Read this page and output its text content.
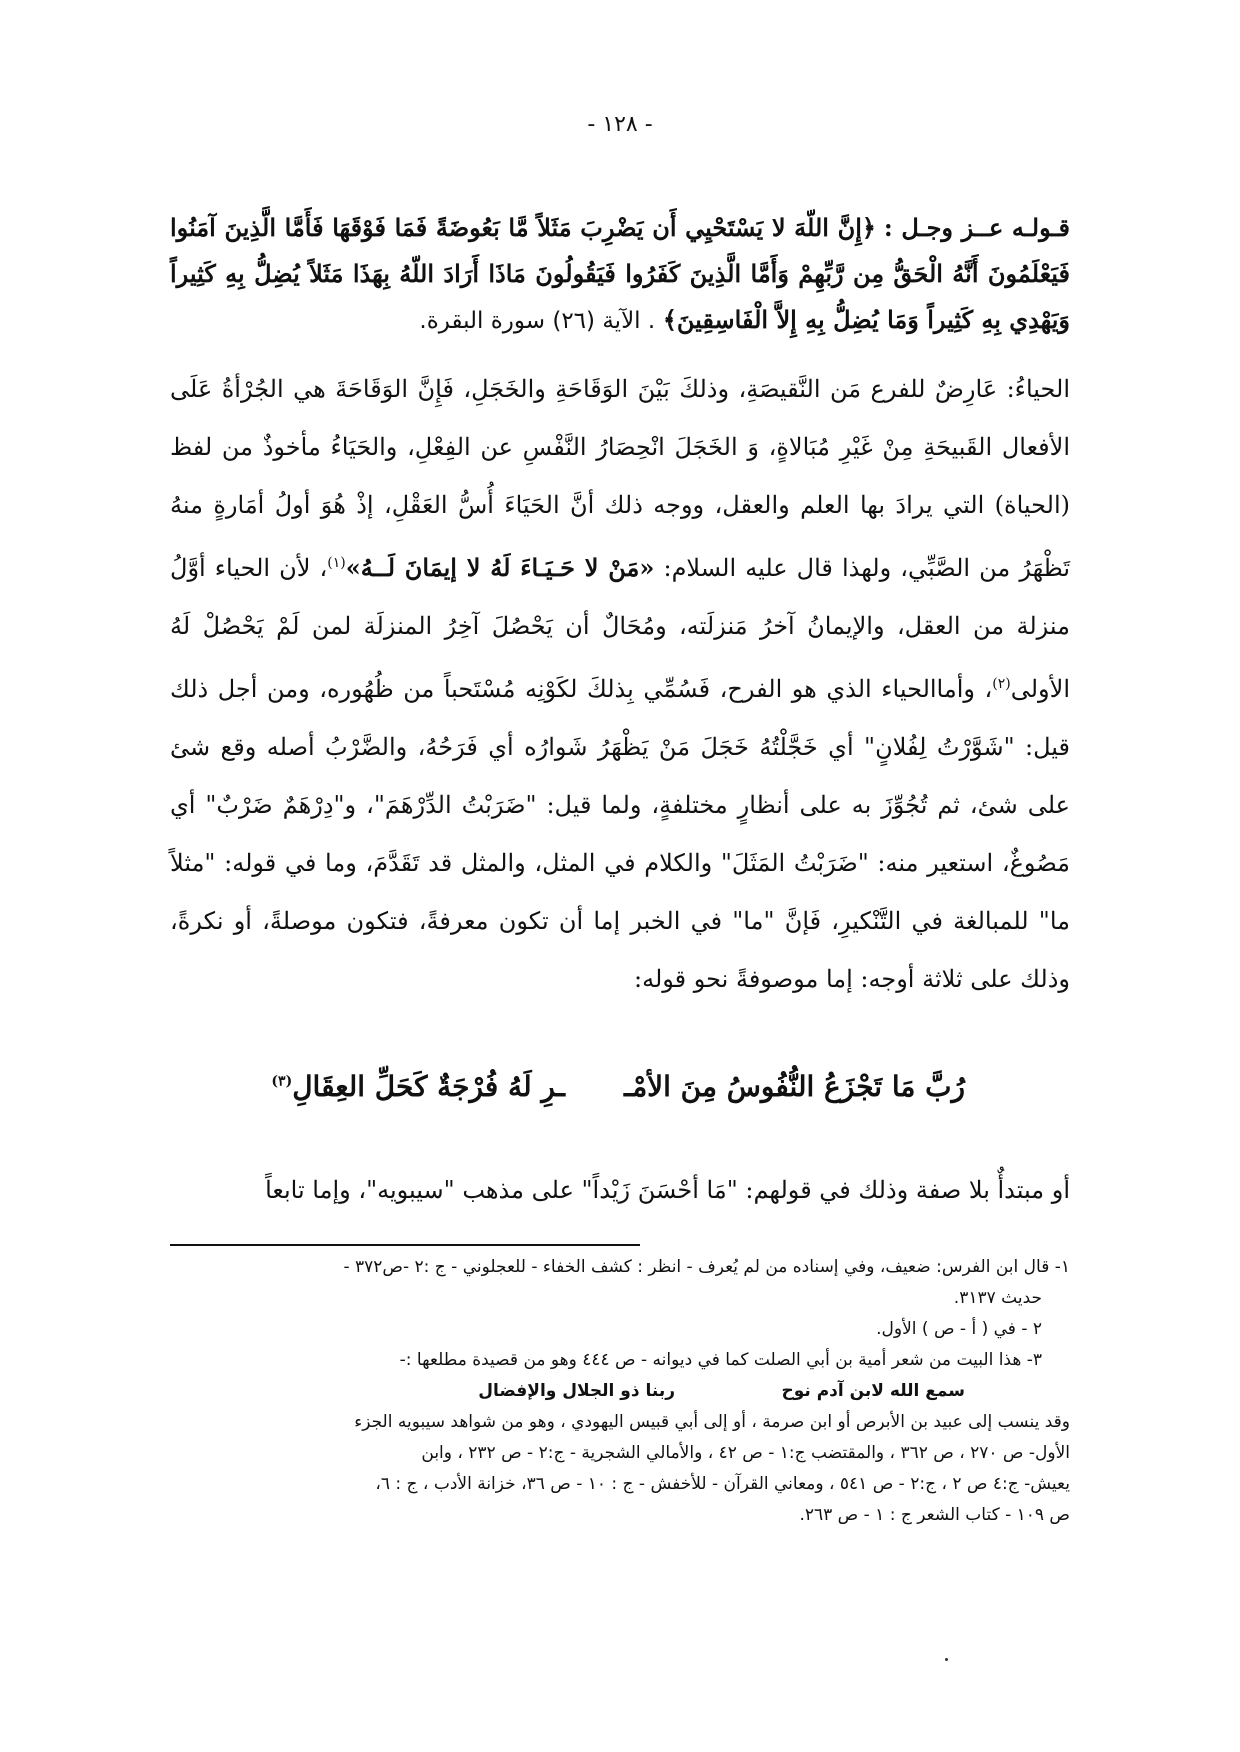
- ١٢٨ -
قـولـه عــز وجـل : ﴿إِنَّ اللّهَ لا يَسْتَحْيِي أَن يَضْرِبَ مَثَلاً مَّا بَعُوضَةً فَمَا فَوْقَهَا فَأَمَّا الَّذِينَ آمَنُوا فَيَعْلَمُونَ أَنَّهُ الْحَقُّ مِن رَّبِّهِمْ وَأَمَّا الَّذِينَ كَفَرُوا فَيَقُولُونَ مَاذَا أَرَادَ اللّهُ بِهَذَا مَثَلاً يُضِلُّ بِهِ كَثِيراً وَيَهْدِي بِهِ كَثِيراً وَمَا يُضِلُّ بِهِ إِلاَّ الْفَاسِقِينَ﴾ . الآية (٢٦) سورة البقرة.
الحياءُ: عَارِضٌ للفرع مَن النَّقيصَةِ، وذلكَ بَيْنَ الوَقَاحَةِ والخَجَلِ، فَإِنَّ الوَقَاحَةَ هي الجُرْأةُ عَلَى الأفعال القَبيحَةِ مِنْ غَيْرِ مُبَالاةٍ، وَ الخَجَلَ انْحِصَارُ النَّفْسِ عن الفِعْلِ، والحَيَاءُ مأخوذٌ من لفظ (الحياة) التي يرادَ بها العلم والعقل، ووجه ذلك أنَّ الحَيَاءَ أُسُّ العَقْلِ، إذْ هُوَ أولُ أمَارةٍ منهُ تَظْهَرُ من الصَّبِّي، ولهذا قال عليه السلام: «مَنْ لا حَـيَـاءَ لَهُ لا إيمَانَ لَــهُ»$^{(١)}$، لأن الحياء أوَّلُ منزلة من العقل، والإيمانُ آخرُ مَنزلَته، ومُحَالٌ أن يَحْصُلَ آخِرُ المنزلَة لمن لَمْ يَحْصُلْ لَهُ الأولى$^{(٢)}$، وأماالحياء الذي هو الفرح، فَسُمِّي بِذلكَ لكَوْنِه مُسْتَحباً من ظُهُوره، ومن أجل ذلك قيل: "شَوَّرْتُ لِفُلانٍ" أي خَجَّلْتُهُ خَجَلَ مَنْ يَظْهَرُ شَوارُه أي فَرَحُهُ، والضَّرْبُ أصله وقع شئ على شئ، ثم تُجُوِّزَ به على أنظارٍ مختلفةٍ، ولما قيل: "ضَرَبْتُ الدِّرْهَمَ"، و"دِرْهَمٌ ضَرْبٌ" أي مَصُوغٌ، استعير منه: "ضَرَبْتُ المَثَلَ" والكلام في المثل، والمثل قد تَقَدَّمَ، وما في قوله: "مثلاً ما" للمبالغة في التَّنْكيرِ، فَإنَّ "ما" في الخبر إما أن تكون معرفةً، فتكون موصلةً، أو نكرةً، وذلك على ثلاثة أوجه: إما موصوفةً نحو قوله:
رُبَّ مَا تَجْزَعُ النُّفُوسُ مِنَ الأمْـ
ـرِ لَهُ فُرْجَةٌ كَحَلِّ العِقَالِ$^{(٣)}$
أو مبتدأٌ بلا صفة وذلك في قولهم: "مَا أحْسَنَ زَيْداً" على مذهب "سيبويه"، وإما تابعاً

١- قال ابن الفرس: ضعيف، وفي إسناده من لم يُعرف - انظر : كشف الخفاء - للعجلوني - ج :٢ -ص٣٧٢ -

حديث ٣١٣٧.

٢ - في ( أ - ص ) الأول.

٣- هذا البيت من شعر أمية بن أبي الصلت كما في ديوانه - ص ٤٤٤ وهو من قصيدة مطلعها :-

سمع الله لابن آدم نوح
ربنا ذو الجلال والإفضال

وقد ينسب إلى عبيد بن الأبرص أو ابن صرمة ، أو إلى أبي قبيس اليهودي ، وهو من شواهد سيبويه الجزء

الأول- ص ٢٧٠ ، ص ٣٦٢ ، والمقتضب ج:١ - ص ٤٢ ، والأمالي الشجرية - ج:٢ - ص ٢٣٢ ، وابن

يعيش- ج:٤ ص ٢ ، ج:٢ - ص ٥٤١ ، ومعاني القرآن - للأخفش - ج : ١٠ - ص ٣٦، خزانة الأدب ، ج : ٦،

ص ١٠٩ - كتاب الشعر ج : ١ - ص ٢٦٣.
